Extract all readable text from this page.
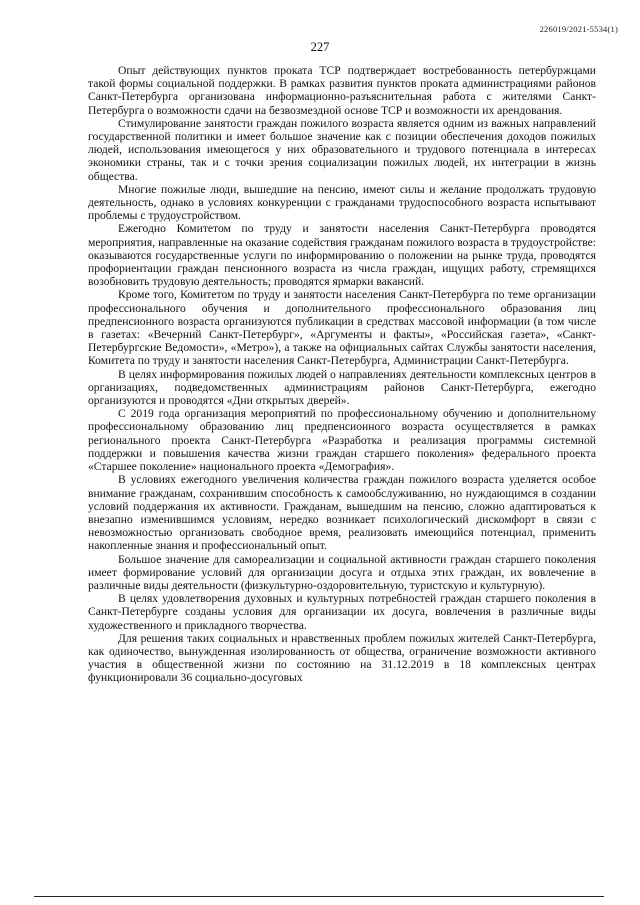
226019/2021-5534(1)
227

Опыт действующих пунктов проката ТСР подтверждает востребованность петербуржцами такой формы социальной поддержки. В рамках развития пунктов проката администрациями районов Санкт-Петербурга организована информационно-разъяснительная работа с жителями Санкт-Петербурга о возможности сдачи на безвозмездной основе ТСР и возможности их арендования.

Стимулирование занятости граждан пожилого возраста является одним из важных направлений государственной политики и имеет большое значение как с позиции обеспечения доходов пожилых людей, использования имеющегося у них образовательного и трудового потенциала в интересах экономики страны, так и с точки зрения социализации пожилых людей, их интеграции в жизнь общества.

Многие пожилые люди, вышедшие на пенсию, имеют силы и желание продолжать трудовую деятельность, однако в условиях конкуренции с гражданами трудоспособного возраста испытывают проблемы с трудоустройством.

Ежегодно Комитетом по труду и занятости населения Санкт-Петербурга проводятся мероприятия, направленные на оказание содействия гражданам пожилого возраста в трудоустройстве: оказываются государственные услуги по информированию о положении на рынке труда, проводятся профориентации граждан пенсионного возраста из числа граждан, ищущих работу, стремящихся возобновить трудовую деятельность; проводятся ярмарки вакансий.

Кроме того, Комитетом по труду и занятости населения Санкт-Петербурга по теме организации профессионального обучения и дополнительного профессионального образования лиц предпенсионного возраста организуются публикации в средствах массовой информации (в том числе в газетах: «Вечерний Санкт-Петербург», «Аргументы и факты», «Российская газета», «Санкт-Петербургские Ведомости», «Метро»), а также на официальных сайтах Службы занятости населения, Комитета по труду и занятости населения Санкт-Петербурга, Администрации Санкт-Петербурга.

В целях информирования пожилых людей о направлениях деятельности комплексных центров в организациях, подведомственных администрациям районов Санкт-Петербурга, ежегодно организуются и проводятся «Дни открытых дверей».

С 2019 года организация мероприятий по профессиональному обучению и дополнительному профессиональному образованию лиц предпенсионного возраста осуществляется в рамках регионального проекта Санкт-Петербурга «Разработка и реализация программы системной поддержки и повышения качества жизни граждан старшего поколения» федерального проекта «Старшее поколение» национального проекта «Демография».

В условиях ежегодного увеличения количества граждан пожилого возраста уделяется особое внимание гражданам, сохранившим способность к самообслуживанию, но нуждающимся в создании условий поддержания их активности. Гражданам, вышедшим на пенсию, сложно адаптироваться к внезапно изменившимся условиям, нередко возникает психологический дискомфорт в связи с невозможностью организовать свободное время, реализовать имеющийся потенциал, применить накопленные знания и профессиональный опыт.

Большое значение для самореализации и социальной активности граждан старшего поколения имеет формирование условий для организации досуга и отдыха этих граждан, их вовлечение в различные виды деятельности (физкультурно-оздоровительную, туристскую и культурную).

В целях удовлетворения духовных и культурных потребностей граждан старшего поколения в Санкт-Петербурге созданы условия для организации их досуга, вовлечения в различные виды художественного и прикладного творчества.

Для решения таких социальных и нравственных проблем пожилых жителей Санкт-Петербурга, как одиночество, вынужденная изолированность от общества, ограничение возможности активного участия в общественной жизни по состоянию на 31.12.2019 в 18 комплексных центрах функционировали 36 социально-досуговых
